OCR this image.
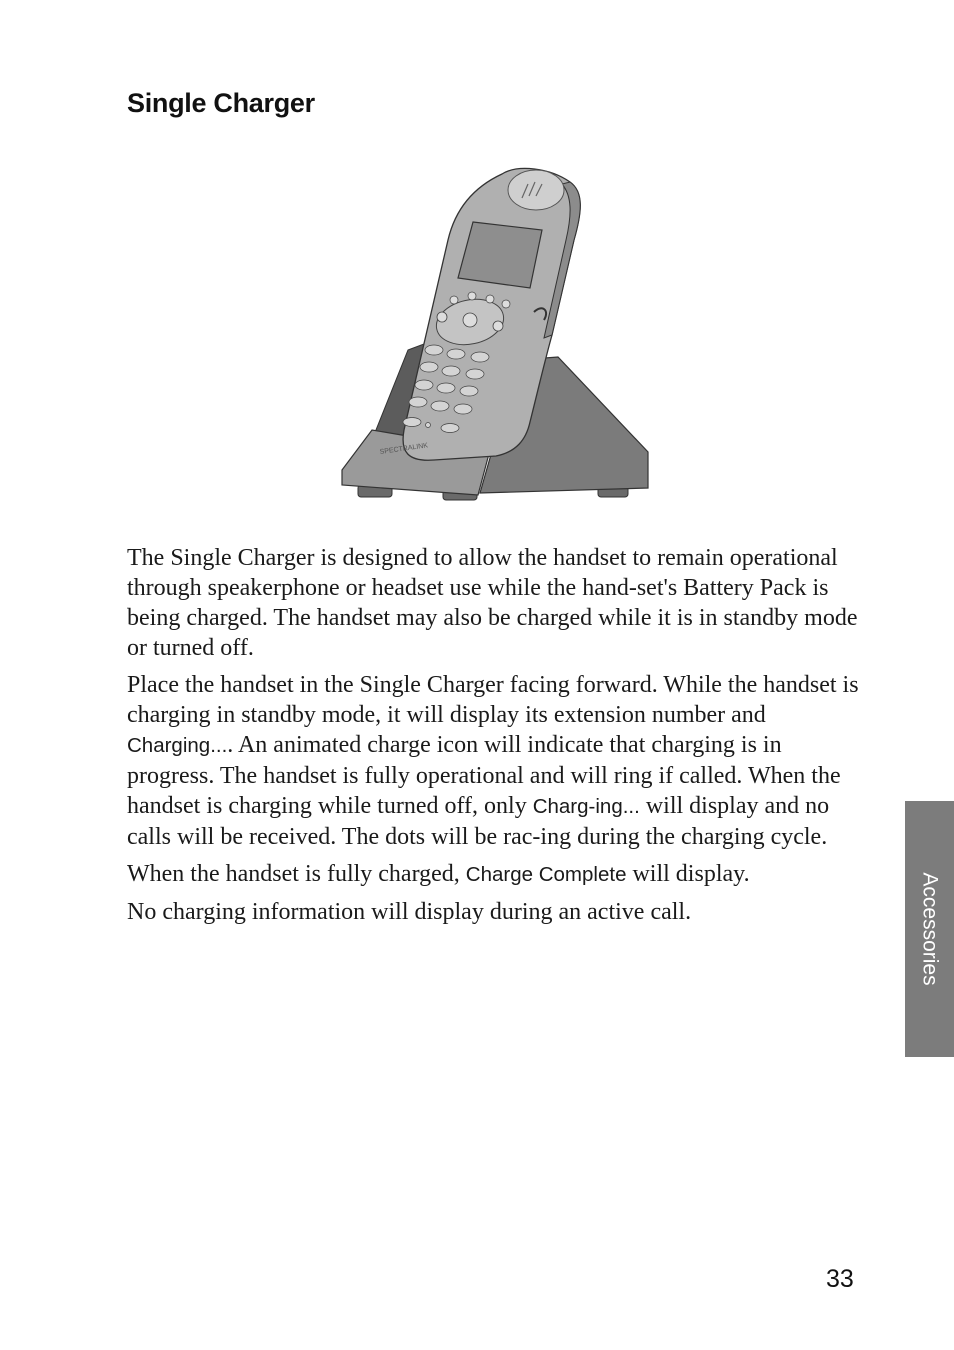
Single Charger
SPECTRALINK

The Single Charger is designed to allow the handset to remain operational through speakerphone or headset use while the hand-set's Battery Pack is being charged. The handset may also be charged while it is in standby mode or turned off.

Place the handset in the Single Charger facing forward. While the handset is charging in standby mode, it will display its extension number and Charging.... An animated charge icon will indicate that charging is in progress. The handset is fully operational and will ring if called. When the handset is charging while turned off, only Charg-ing... will display and no calls will be received. The dots will be rac-ing during the charging cycle.

When the handset is fully charged, Charge Complete will display.

No charging information will display during an active call.	Accessories
33
